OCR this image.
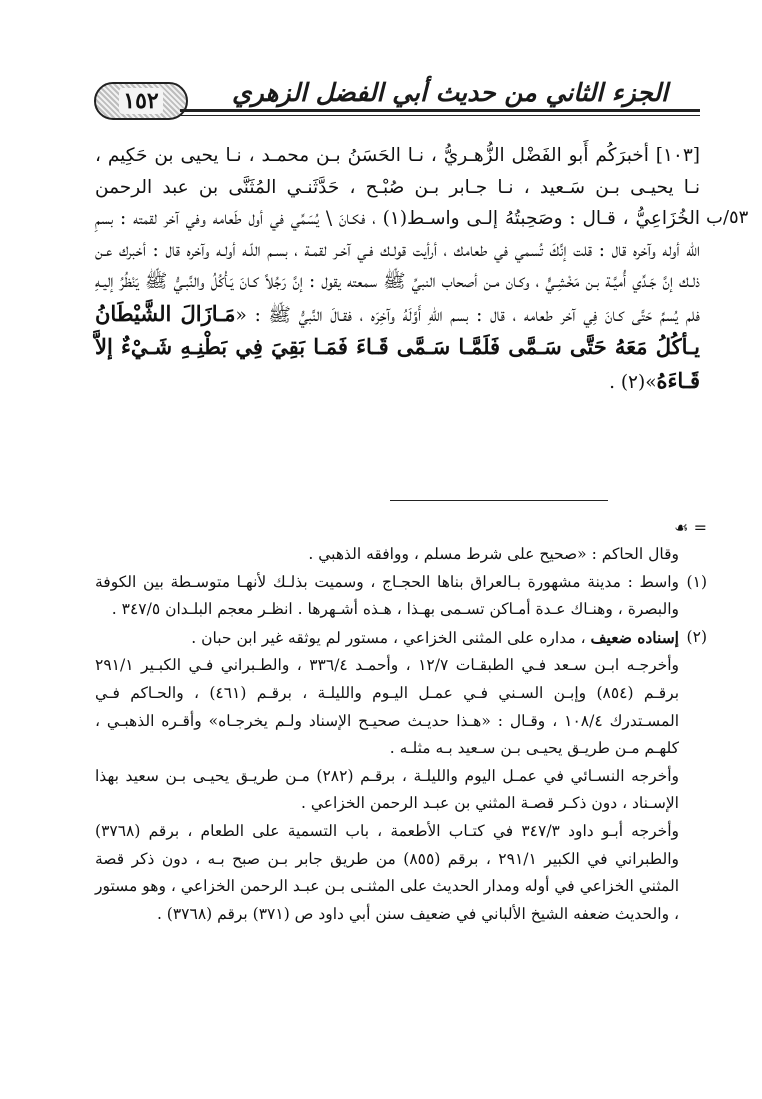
١٥٢	الجزء الثاني من حديث أبي الفضل الزهري
٥٣/ب

[١٠٣] أخبرَكُم أَبو الفَضْل الزُّهـريُّ ، نـا الحَسَنُ بـن محمـد ، نـا يحيى بن حَكِيم ، نـا يحيـى بـن سَـعيد ، نـا جـابر بـن صُبْـح ، حَدَّثَنـي المُثَنَّى بن عبد الرحمن الخُزَاعِيُّ ، قـال : وصَحِبتُهُ إلـى واسـط(١) ، فكـانَ \ يُسَمِّي في أول طَعامه وفي آخر لقمته : بسمِ اللّه أوله وآخره قال : قلت إنَّكَ تُسمي في طعامك ، أرأيت قولـك فـي آخـر لقمـة ، بسـم اللّـه أولـه وآخره قال : أخبرك عـن ذلـك إنَّ جَـدِّي أُميَّـة بـن مَخْشِـيٍّ ، وكـان مـن أصحاب النبيِّ ﷺ سمعته يقول : إنَّ رَجُلاً كـانَ يَـأْكُلُ والنَّبـيُّ ﷺ يَنْظُرُ إليـهِ فلم يُسمِّ حَتَّى كـانَ فِي آخر طعامه ، قال : بسم اللّهِ أَوَّلَهُ وآخِرَه ، فقـالَ النَّبيُّ ﷺ : «مَـازَالَ الشَّيْطَانُ يـأكُلُ مَعَهُ حَتَّى سَـمَّى فَلَمَّـا سَـمَّى قَـاءَ فَمَـا بَقِيَ فِي بَطْنِـهِ شَـيْءٌ إلاَّ قَـاءَهُ»(٢) .

= ☙
وقال الحاكم : «صحيح على شرط مسلم ، ووافقه الذهبي .
(١)
واسط : مدينة مشهورة بـالعراق بناها الحجـاج ، وسميت بذلـك لأنهـا متوسـطة بين الكوفة والبصرة ، وهنـاك عـدة أمـاكن تسـمى بهـذا ، هـذه أشـهرها . انظـر معجم البلـدان ٣٤٧/٥ .
(٢)
إسناده ضعيف ، مداره على المثنى الخزاعي ، مستور لم يوثقه غير ابن حبان .
وأخرجـه ابـن سـعد فـي الطبقـات ١٢/٧ ، وأحمـد ٣٣٦/٤ ، والطـبراني فـي الكبـير ٢٩١/١ برقـم (٨٥٤) وإبـن السـني فـي عمـل اليـوم والليلـة ، برقـم (٤٦١) ، والحـاكم فـي المسـتدرك ١٠٨/٤ ، وقـال : «هـذا حديـث صحيـح الإسناد ولـم يخرجـاه» وأقـره الذهبـي ، كلهـم مـن طريـق يحيـى بـن سـعيد بـه مثلـه .
وأخرجه النسـائي في عمـل اليوم والليلـة ، برقـم (٢٨٢) مـن طريـق يحيـى بـن سعيد بهذا الإسـناد ، دون ذكـر قصـة المثني بن عبـد الرحمن الخزاعي .
وأخرجه أبـو داود ٣٤٧/٣ في كتـاب الأطعمة ، باب التسمية على الطعام ، برقم (٣٧٦٨) والطبراني في الكبير ٢٩١/١ ، برقم (٨٥٥) من طريق جابر بـن صبح بـه ، دون ذكر قصة المثني الخزاعي في أوله ومدار الحديث على المثنـى بـن عبـد الرحمن الخزاعي ، وهو مستور ، والحديث ضعفه الشيخ الألباني في ضعيف سنن أبي داود ص (٣٧١) برقم (٣٧٦٨) .
